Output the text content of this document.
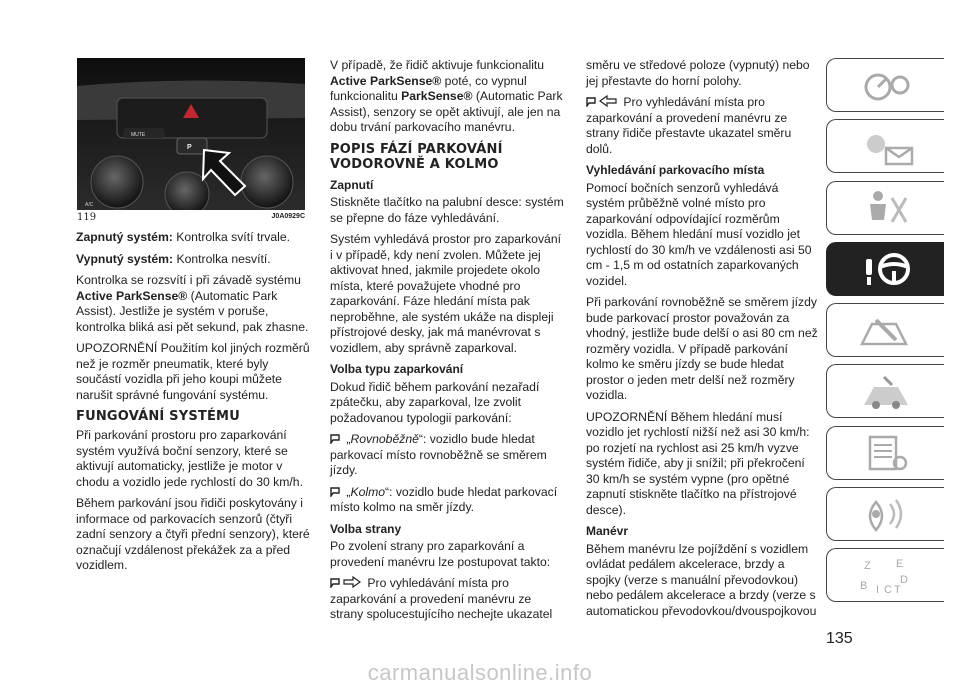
MUTE
P
A/C
119	J0A0929C

Zapnutý systém: Kontrolka svítí trvale.

Vypnutý systém: Kontrolka nesvítí.

Kontrolka se rozsvítí i při závadě systému Active ParkSense® (Automatic Park Assist). Jestliže je systém v poruše, kontrolka bliká asi pět sekund, pak zhasne.

UPOZORNĚNÍ Použitím kol jiných rozměrů než je rozměr pneumatik, které byly součástí vozidla při jeho koupi můžete narušit správné fungování systému.

FUNGOVÁNÍ SYSTÉMU

Při parkování prostoru pro zaparkování systém využívá boční senzory, které se aktivují automaticky, jestliže je motor v chodu a vozidlo jede rychlostí do 30 km/h.

Během parkování jsou řidiči poskytovány i informace od parkovacích senzorů (čtyři zadní senzory a čtyři přední senzory), které označují vzdálenost překážek za a před vozidlem.

V případě, že řidič aktivuje funkcionalitu Active ParkSense® poté, co vypnul funkcionalitu ParkSense® (Automatic Park Assist), senzory se opět aktivují, ale jen na dobu trvání parkovacího manévru.

POPIS FÁZÍ PARKOVÁNÍ VODOROVNĚ A KOLMO
Zapnutí

Stiskněte tlačítko na palubní desce: systém se přepne do fáze vyhledávání.

Systém vyhledává prostor pro zaparkování i v případě, kdy není zvolen. Můžete jej aktivovat hned, jakmile projedete okolo místa, které považujete vhodné pro zaparkování. Fáze hledání místa pak neproběhne, ale systém ukáže na displeji přístrojové desky, jak má manévrovat s vozidlem, aby správně zaparkoval.

Volba typu zaparkování

Dokud řidič během parkování nezařadí zpátečku, aby zaparkoval, lze zvolit požadovanou typologii parkování:

„Rovnoběžně“: vozidlo bude hledat parkovací místo rovnoběžně se směrem jízdy.

„Kolmo“: vozidlo bude hledat parkovací místo kolmo na směr jízdy.

Volba strany

Po zvolení strany pro zaparkování a provedení manévru lze postupovat takto:

Pro vyhledávání místa pro zaparkování a provedení manévru ze strany spolucestujícího nechejte ukazatel

směru ve středové poloze (vypnutý) nebo jej přestavte do horní polohy.

Pro vyhledávání místa pro zaparkování a provedení manévru ze strany řidiče přestavte ukazatel směru dolů.

Vyhledávání parkovacího místa

Pomocí bočních senzorů vyhledává systém průběžně volné místo pro zaparkování odpovídající rozměrům vozidla. Během hledání musí vozidlo jet rychlostí do 30 km/h ve vzdálenosti asi 50 cm - 1,5 m od ostatních zaparkovaných vozidel.

Při parkování rovnoběžně se směrem jízdy bude parkovací prostor považován za vhodný, jestliže bude delší o asi 80 cm než rozměry vozidla. V případě parkování kolmo ke směru jízdy se bude hledat prostor o jeden metr delší než rozměry vozidla.

UPOZORNĚNÍ Během hledání musí vozidlo jet rychlostí nižší než asi 30 km/h: po rozjetí na rychlost asi 25 km/h vyzve systém řidiče, aby ji snížil; při překročení 30 km/h se systém vypne (pro opětné zapnutí stiskněte tlačítko na přístrojové desce).

Manévr

Během manévru lze pojíždění s vozidlem ovládat pedálem akcelerace, brzdy a spojky (verze s manuální převodovkou) nebo pedálem akcelerace a brzdy (verze s automatickou převodovkou/dvouspojkovou

Z E
B	D
I C T
135
carmanualsonline.info
